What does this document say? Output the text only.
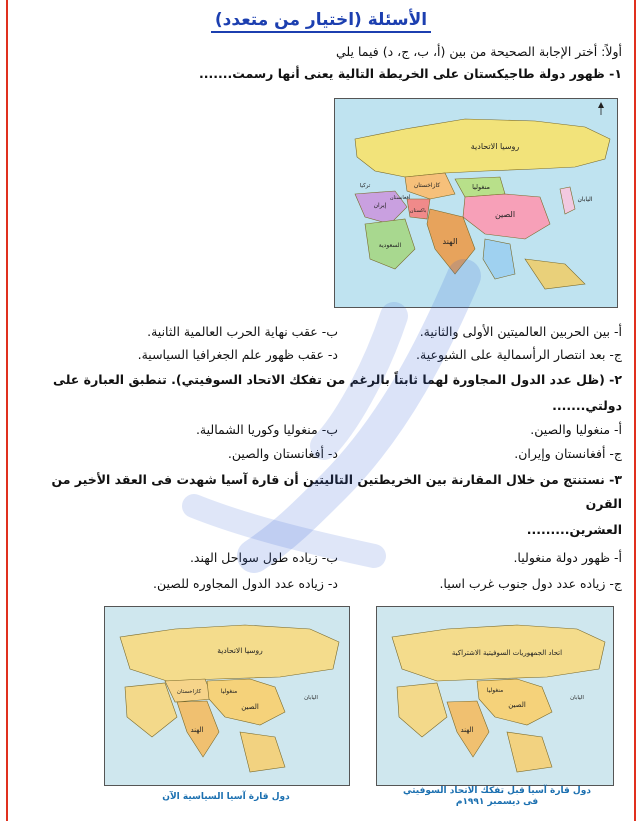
الأسئلة (اختيار من متعدد)
أولاً: أختر الإجابة الصحيحة من بين (أ، ب، ج، د) فيما يلي
١- ظهور دولة طاجيكستان على الخريطة التالية يعنى أنها رسمت.......
روسيا الاتحادية
كازاخستان	منغوليا
الصين
الهند
اليابان
إيران
تركيا
السعودية
باكستان
أفغانستان
أ- بين الحربين العالميتين الأولى والثانية.
ب- عقب نهاية الحرب العالمية الثانية.
ج- بعد انتصار الرأسمالية على الشيوعية.
د- عقب ظهور علم الجغرافيا السياسية.
٢- (ظل عدد الدول المجاورة لهما ثابتاً بالرغم من تفكك الاتحاد السوفيتي). تنطبق العبارة على
دولتي.......
أ- منغوليا والصين.
ب- منغوليا وكوريا الشمالية.
ج- أفغانستان وإيران.
د- أفغانستان والصين.
٣- نستنتج من خلال المقارنة بين الخريطتين التاليتين أن قارة آسيا شهدت فى العقد الأخير من
القرن
العشرين.........
أ- ظهور دولة منغوليا.
ب- زياده طول سواحل الهند.
ج- زياده عدد دول جنوب غرب اسيا.
د- زياده عدد الدول المجاوره للصين.
اتحاد الجمهوريات السوفيتية الاشتراكية
منغوليا
الصين
الهند
اليابان
دول قارة آسيا قبل تفكك الاتحاد السوفيتي
فى ديسمبر ١٩٩١م
روسيا الاتحادية
كازاخستان	منغوليا
الصين
الهند
اليابان
دول قارة آسيا السياسية الآن
